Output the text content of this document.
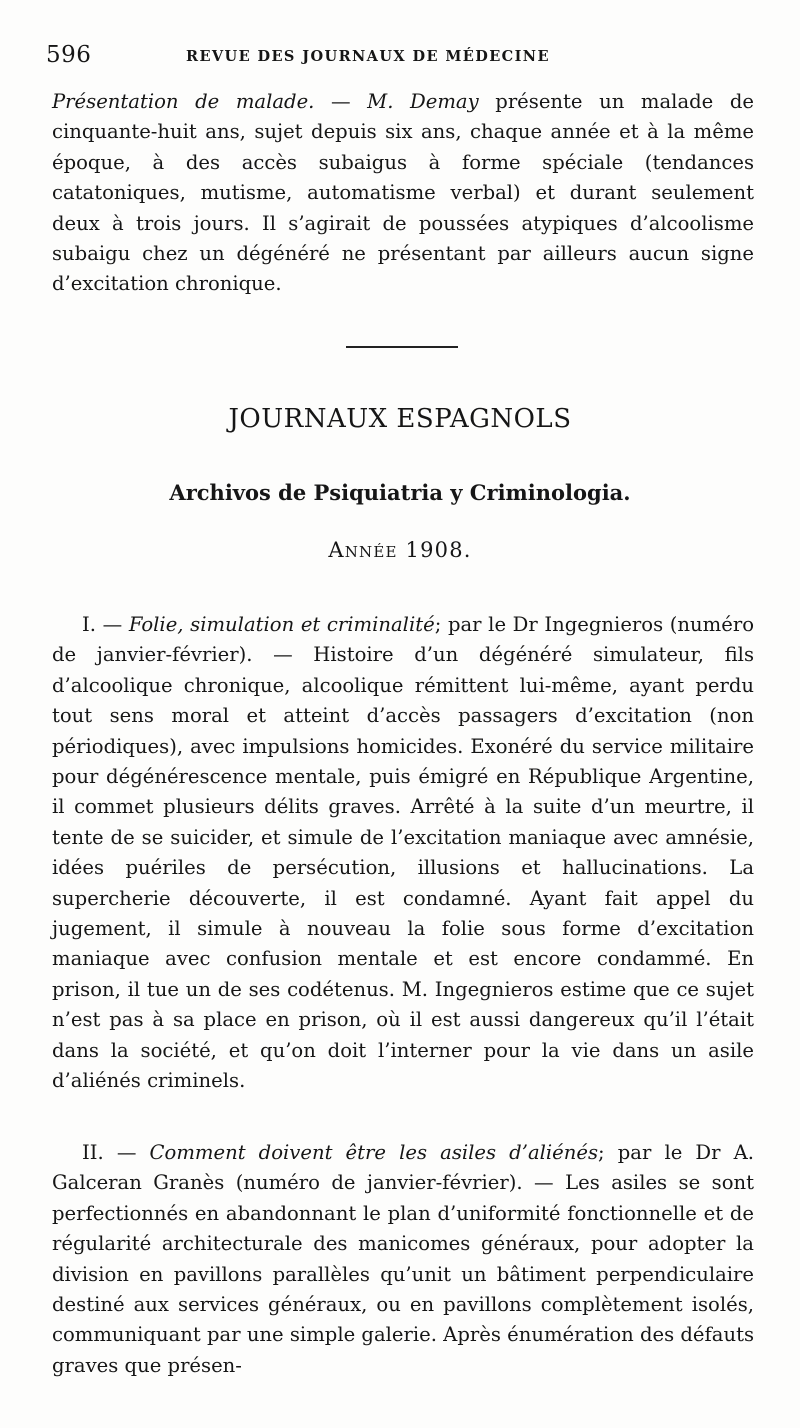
596	REVUE DES JOURNAUX DE MÉDECINE

Présentation de malade. — M. Demay présente un malade de cinquante-huit ans, sujet depuis six ans, chaque année et à la même époque, à des accès subaigus à forme spéciale (tendances catatoniques, mutisme, automatisme verbal) et durant seulement deux à trois jours. Il s’agirait de poussées atypiques d’alcoolisme subaigu chez un dégénéré ne présentant par ailleurs aucun signe d’excitation chronique.

JOURNAUX ESPAGNOLS
Archivos de Psiquiatria y Criminologia.
Année 1908.

I. — Folie, simulation et criminalité; par le Dr Ingegnieros (numéro de janvier-février). — Histoire d’un dégénéré simulateur, fils d’alcoolique chronique, alcoolique rémittent lui-même, ayant perdu tout sens moral et atteint d’accès passagers d’excitation (non périodiques), avec impulsions homicides. Exonéré du service militaire pour dégénérescence mentale, puis émigré en République Argentine, il commet plusieurs délits graves. Arrêté à la suite d’un meurtre, il tente de se suicider, et simule de l’excitation maniaque avec amnésie, idées puériles de persécution, illusions et hallucinations. La supercherie découverte, il est condamné. Ayant fait appel du jugement, il simule à nouveau la folie sous forme d’excitation maniaque avec confusion mentale et est encore condammé. En prison, il tue un de ses codétenus. M. Ingegnieros estime que ce sujet n’est pas à sa place en prison, où il est aussi dangereux qu’il l’était dans la société, et qu’on doit l’interner pour la vie dans un asile d’aliénés criminels.

II. — Comment doivent être les asiles d’aliénés; par le Dr A. Galceran Granès (numéro de janvier-février). — Les asiles se sont perfectionnés en abandonnant le plan d’uniformité fonctionnelle et de régularité architecturale des manicomes généraux, pour adopter la division en pavillons parallèles qu’unit un bâtiment perpendiculaire destiné aux services généraux, ou en pavillons complètement isolés, communiquant par une simple galerie. Après énumération des défauts graves que présen-
